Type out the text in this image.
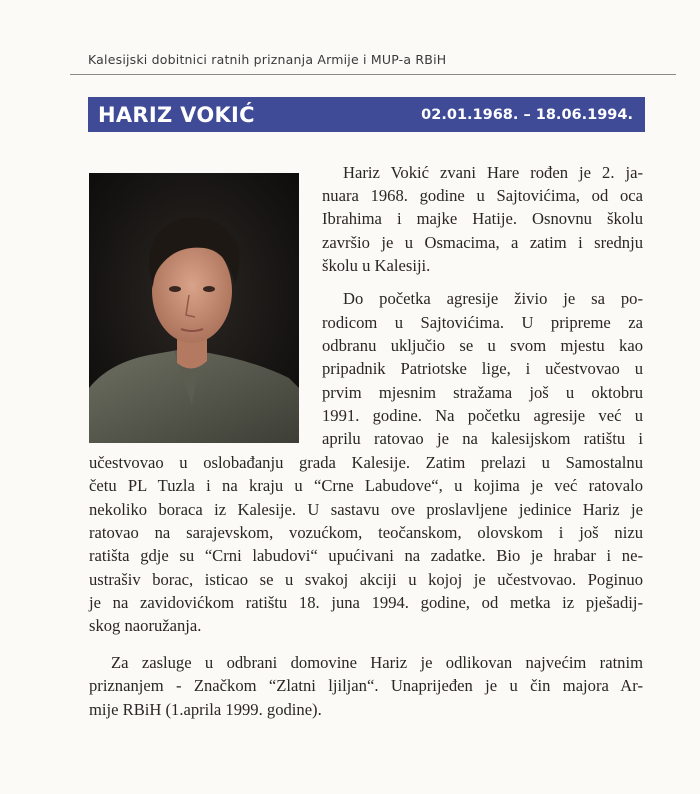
Kalesijski dobitnici ratnih priznanja Armije i MUP-a RBiH
HARIZ VOKIĆ	02.01.1968. – 18.06.1994.

Hariz Vokić zvani Hare rođen je 2. ja-

nuara 1968. godine u Sajtovićima, od oca

Ibrahima i majke Hatije. Osnovnu školu

završio je u Osmacima, a zatim i srednju

školu u Kalesiji.

Do početka agresije živio je sa po-

rodicom u Sajtovićima. U pripreme za

odbranu uključio se u svom mjestu kao

pripadnik Patriotske lige, i učestvovao u

prvim mjesnim stražama još u oktobru

1991. godine. Na početku agresije već u

aprilu ratovao je na kalesijskom ratištu i

učestvovao u oslobađanju grada Kalesije. Zatim prelazi u Samostalnu

četu PL Tuzla i na kraju u “Crne Labudove“, u kojima je već ratovalo

nekoliko boraca iz Kalesije. U sastavu ove proslavljene jedinice Hariz je

ratovao na sarajevskom, vozućkom, teočanskom, olovskom i još nizu

ratišta gdje su “Crni labudovi“ upućivani na zadatke. Bio je hrabar i ne-

ustrašiv borac, isticao se u svakoj akciji u kojoj je učestvovao. Poginuo

je na zavidovićkom ratištu 18. juna 1994. godine, od metka iz pješadij-

skog naoružanja.

Za zasluge u odbrani domovine Hariz je odlikovan najvećim ratnim

priznanjem - Značkom “Zlatni ljiljan“. Unaprijeđen je u čin majora Ar-

mije RBiH (1.aprila 1999. godine).
